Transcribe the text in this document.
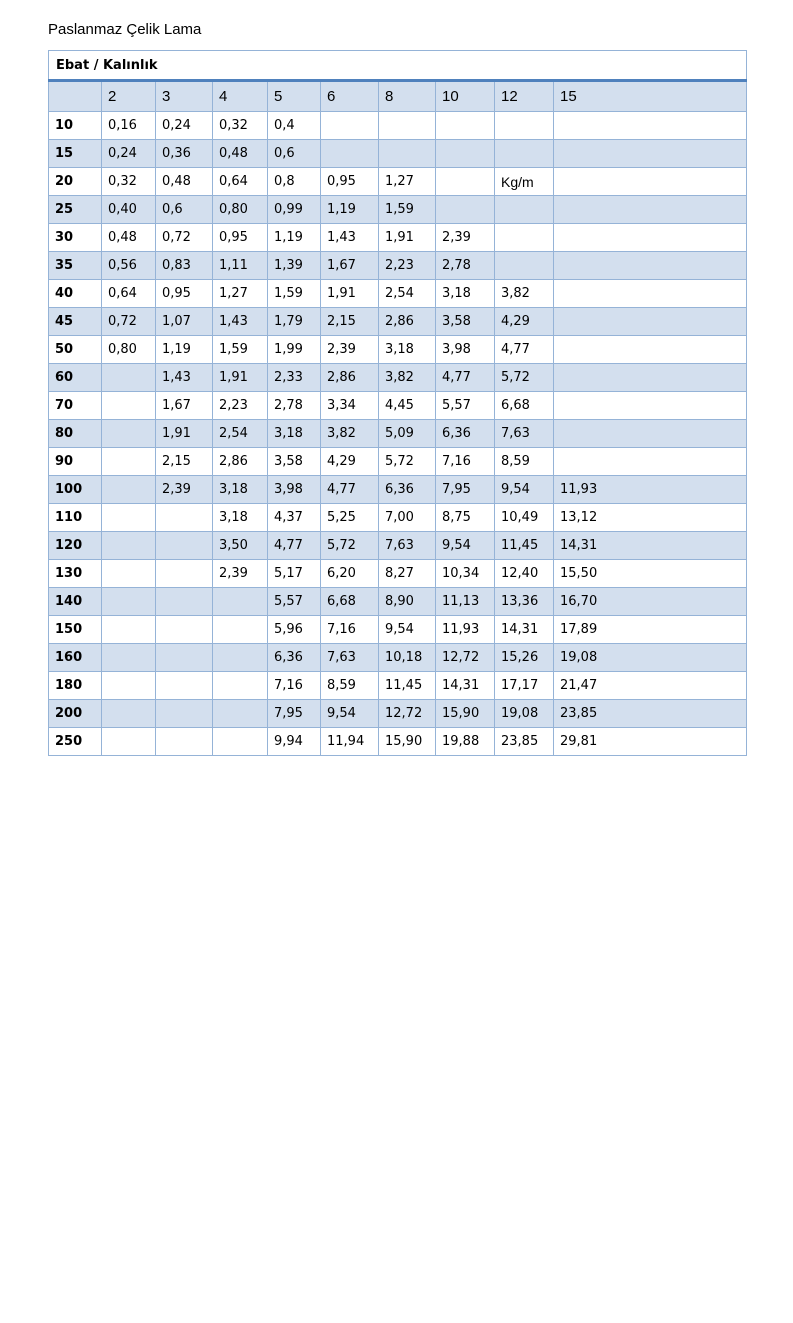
Paslanmaz Çelik Lama
Ebat / Kalınlık									
	2	3	4	5	6	8	10	12	15
10	0,16	0,24	0,32	0,4					
15	0,24	0,36	0,48	0,6					
20	0,32	0,48	0,64	0,8	0,95	1,27		Kg/m	
25	0,40	0,6	0,80	0,99	1,19	1,59			
30	0,48	0,72	0,95	1,19	1,43	1,91	2,39		
35	0,56	0,83	1,11	1,39	1,67	2,23	2,78		
40	0,64	0,95	1,27	1,59	1,91	2,54	3,18	3,82	
45	0,72	1,07	1,43	1,79	2,15	2,86	3,58	4,29	
50	0,80	1,19	1,59	1,99	2,39	3,18	3,98	4,77	
60		1,43	1,91	2,33	2,86	3,82	4,77	5,72	
70		1,67	2,23	2,78	3,34	4,45	5,57	6,68	
80		1,91	2,54	3,18	3,82	5,09	6,36	7,63	
90		2,15	2,86	3,58	4,29	5,72	7,16	8,59	
100		2,39	3,18	3,98	4,77	6,36	7,95	9,54	11,93
110			3,18	4,37	5,25	7,00	8,75	10,49	13,12
120			3,50	4,77	5,72	7,63	9,54	11,45	14,31
130			2,39	5,17	6,20	8,27	10,34	12,40	15,50
140				5,57	6,68	8,90	11,13	13,36	16,70
150				5,96	7,16	9,54	11,93	14,31	17,89
160				6,36	7,63	10,18	12,72	15,26	19,08
180				7,16	8,59	11,45	14,31	17,17	21,47
200				7,95	9,54	12,72	15,90	19,08	23,85
250				9,94	11,94	15,90	19,88	23,85	29,81
